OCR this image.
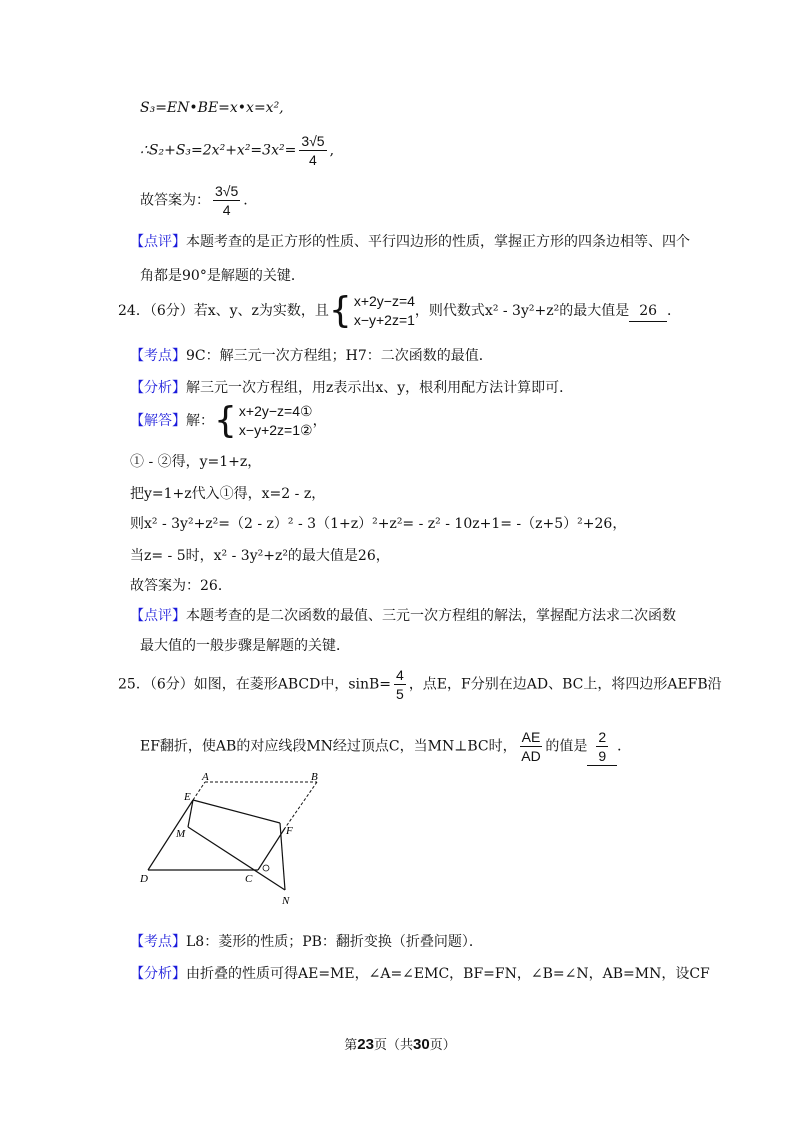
S₃=EN•BE=x•x=x²,
∴S₂+S₃=2x²+x²=3x²= $\frac{3√5}{4}$ ,
故答案为： $\frac{3√5}{4}$ .
【点评】本题考查的是正方形的性质、平行四边形的性质，掌握正方形的四条边相等、四个
角都是90°是解题的关键．
24．（6分）若x、y、z为实数，且{ x+2y−z=4
x−y+2z=1
，则代数式x² - 3y²+z²的最大值是 26 ．
【考点】9C：解三元一次方程组；H7：二次函数的最值．
【分析】解三元一次方程组，用z表示出x、y，根利用配方法计算即可．
【解答】解：{ x+2y−z=4①
x−y+2z=1②
，
① - ②得，y=1+z，
把y=1+z代入①得，x=2 - z，
则x² - 3y²+z²=（2 - z）² - 3（1+z）²+z²= - z² - 10z+1= -（z+5）²+26，
当z= - 5时，x² - 3y²+z²的最大值是26，
故答案为：26．
【点评】本题考查的是二次函数的最值、三元一次方程组的解法，掌握配方法求二次函数
最大值的一般步骤是解题的关键．
25．（6分）如图，在菱形ABCD中，$\sin B= \frac{4}{5}$ ，点E，F分别在边AD、BC上，将四边形AEFB沿
EF翻折，使AB的对应线段MN经过顶点C，当MN⊥BC时， $\frac{AE}{AD}$ 的值是 $\frac{2}{9}$ ．
A	B
E
F
M
D	C
N
【考点】L8：菱形的性质；PB：翻折变换（折叠问题）．
【分析】由折叠的性质可得AE=ME，∠A=∠EMC，BF=FN，∠B=∠N，AB=MN，设CF
第23页（共30页）
